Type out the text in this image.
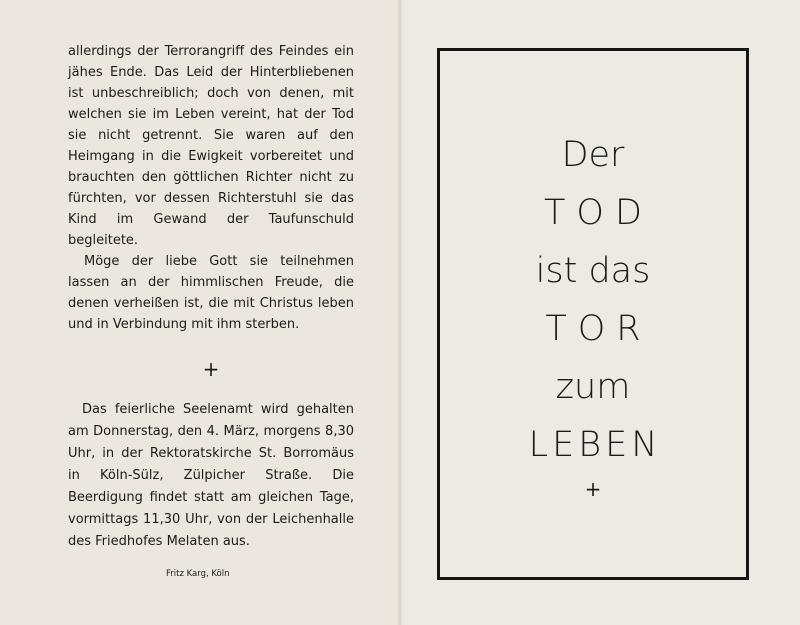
allerdings der Terrorangriff des Feindes ein jähes Ende. Das Leid der Hinterbliebenen ist unbeschreiblich; doch von denen, mit welchen sie im Leben vereint, hat der Tod sie nicht getrennt. Sie waren auf den Heimgang in die Ewigkeit vorbereitet und brauchten den göttlichen Richter nicht zu fürchten, vor dessen Richterstuhl sie das Kind im Gewand der Taufunschuld begleitete.

Möge der liebe Gott sie teilnehmen lassen an der himmlischen Freude, die denen verheißen ist, die mit Christus leben und in Verbindung mit ihm sterben.

+

Das feierliche Seelenamt wird gehalten am Donnerstag, den 4. März, morgens 8,30 Uhr, in der Rektoratskirche St. Borromäus in Köln-Sülz, Zülpicher Straße. Die Beerdigung findet statt am gleichen Tage, vormittags 11,30 Uhr, von der Leichenhalle des Friedhofes Melaten aus.

Fritz Karg, Köln
Der
TOD
ist das
TOR
zum
LEBEN
+
